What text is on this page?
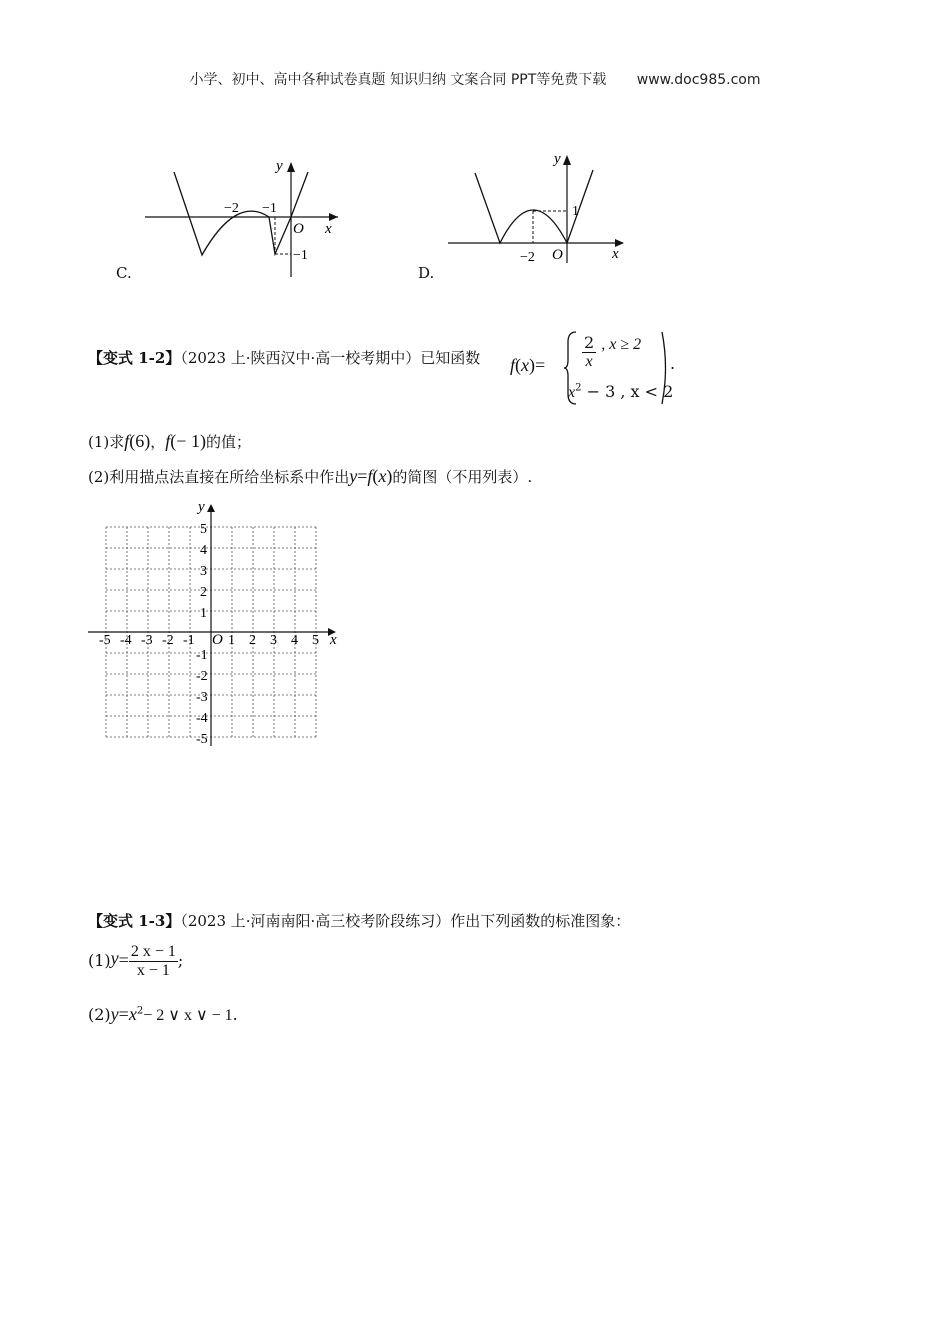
小学、初中、高中各种试卷真题 知识归纳 文案合同 PPT等免费下载 www.doc985.com
y
−2 −1
O x
−1
C.
y
1
−2 O	x
D.
【变式 1-2】（2023 上·陕西汉中·高一校考期中）已知函数 $f(x)= \frac{2}{x}$ , x ≥ 2
$x^2 - 3$ , x < 2
.
(1)求f(6)，f(− 1)的值；
(2)利用描点法直接在所给坐标系中作出y=f(x)的简图（不用列表）.
y
x
O
-5 -4 -3 -2 -1 1 2 3 4 5
5
4
3
2
1
-1
-2
-3
-4
-5
【变式 1-3】（2023 上·河南南阳·高三校考阶段练习）作出下列函数的标准图象：
$(1)y= \frac{2 x - 1}{x - 1}$ ;
$(2)y=x^2- 2$ ∨ x ∨ − 1.
